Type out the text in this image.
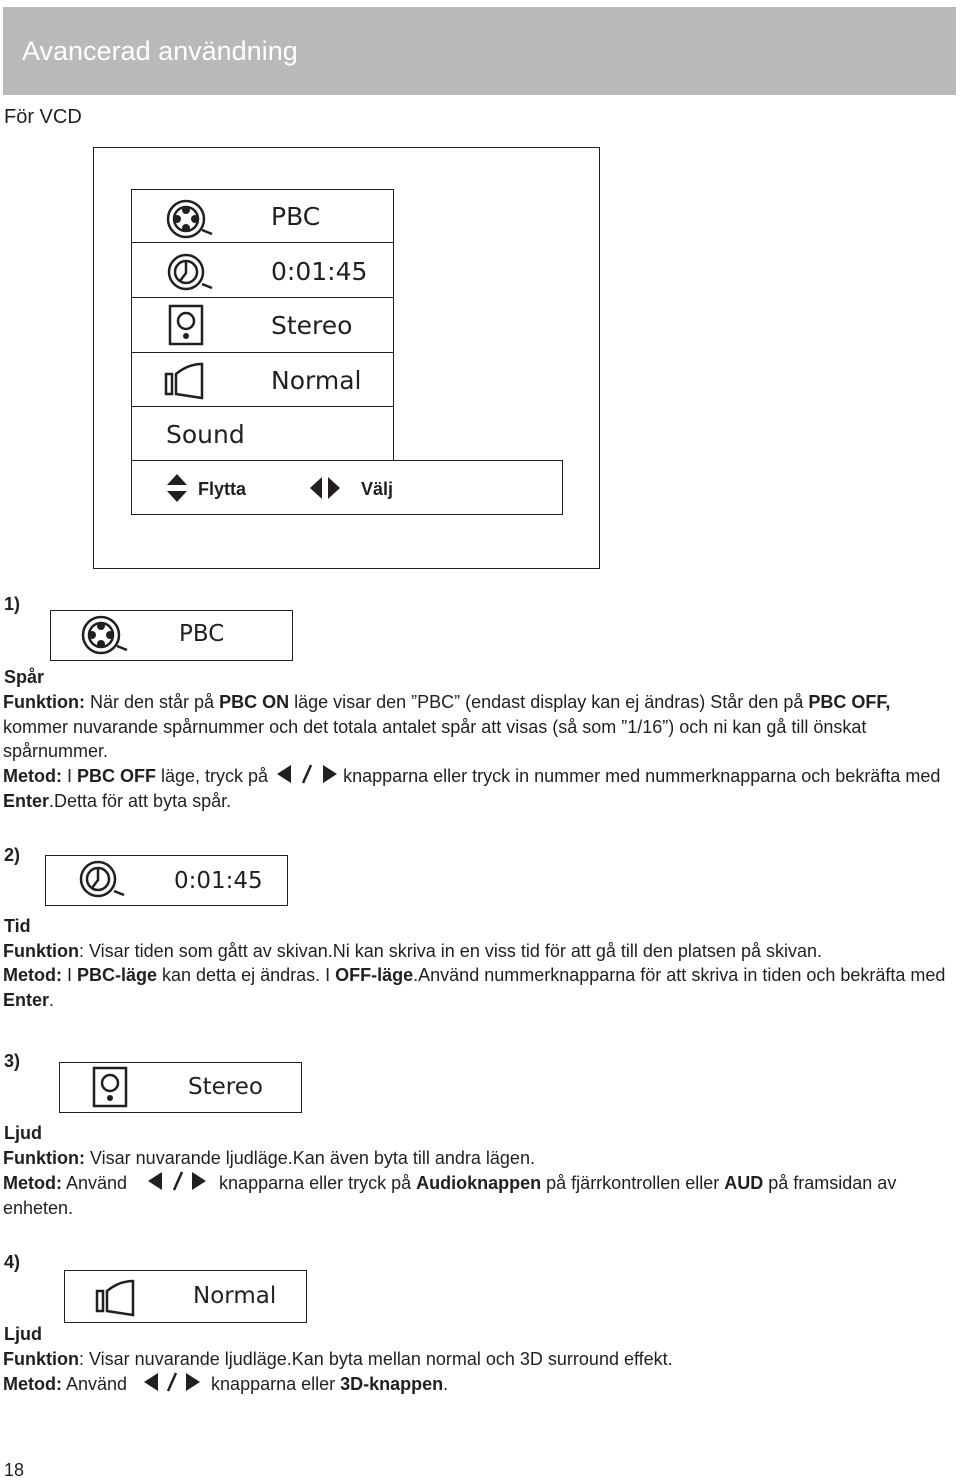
Avancerad användning
För VCD
PBC
0:01:45
Stereo
Normal
Sound
Flytta	Välj
1)
PBC
Spår
Funktion: När den står på PBC ON läge visar den ”PBC” (endast display kan ej ändras) Står den på PBC OFF, kommer nuvarande spårnummer och det totala antalet spår att visas (så som ”1/16”) och ni kan gå till önskat spårnummer.
Metod: I PBC OFF läge, tryck på	knapparna eller tryck in nummer med nummerknapparna och bekräfta med Enter.Detta för att byta spår.
2)
0:01:45
Tid
Funktion: Visar tiden som gått av skivan.Ni kan skriva in en viss tid för att gå till den platsen på skivan.
Metod: I PBC-läge kan detta ej ändras. I OFF-läge.Använd nummerknapparna för att skriva in tiden och bekräfta med Enter.
3)
Stereo
Ljud
Funktion: Visar nuvarande ljudläge.Kan även byta till andra lägen.
Metod: Använd	knapparna eller tryck på Audioknappen på fjärrkontrollen eller AUD på framsidan av enheten.
4)
Normal
Ljud
Funktion: Visar nuvarande ljudläge.Kan byta mellan normal och 3D surround effekt.
Metod: Använd	knapparna eller 3D-knappen.
18
